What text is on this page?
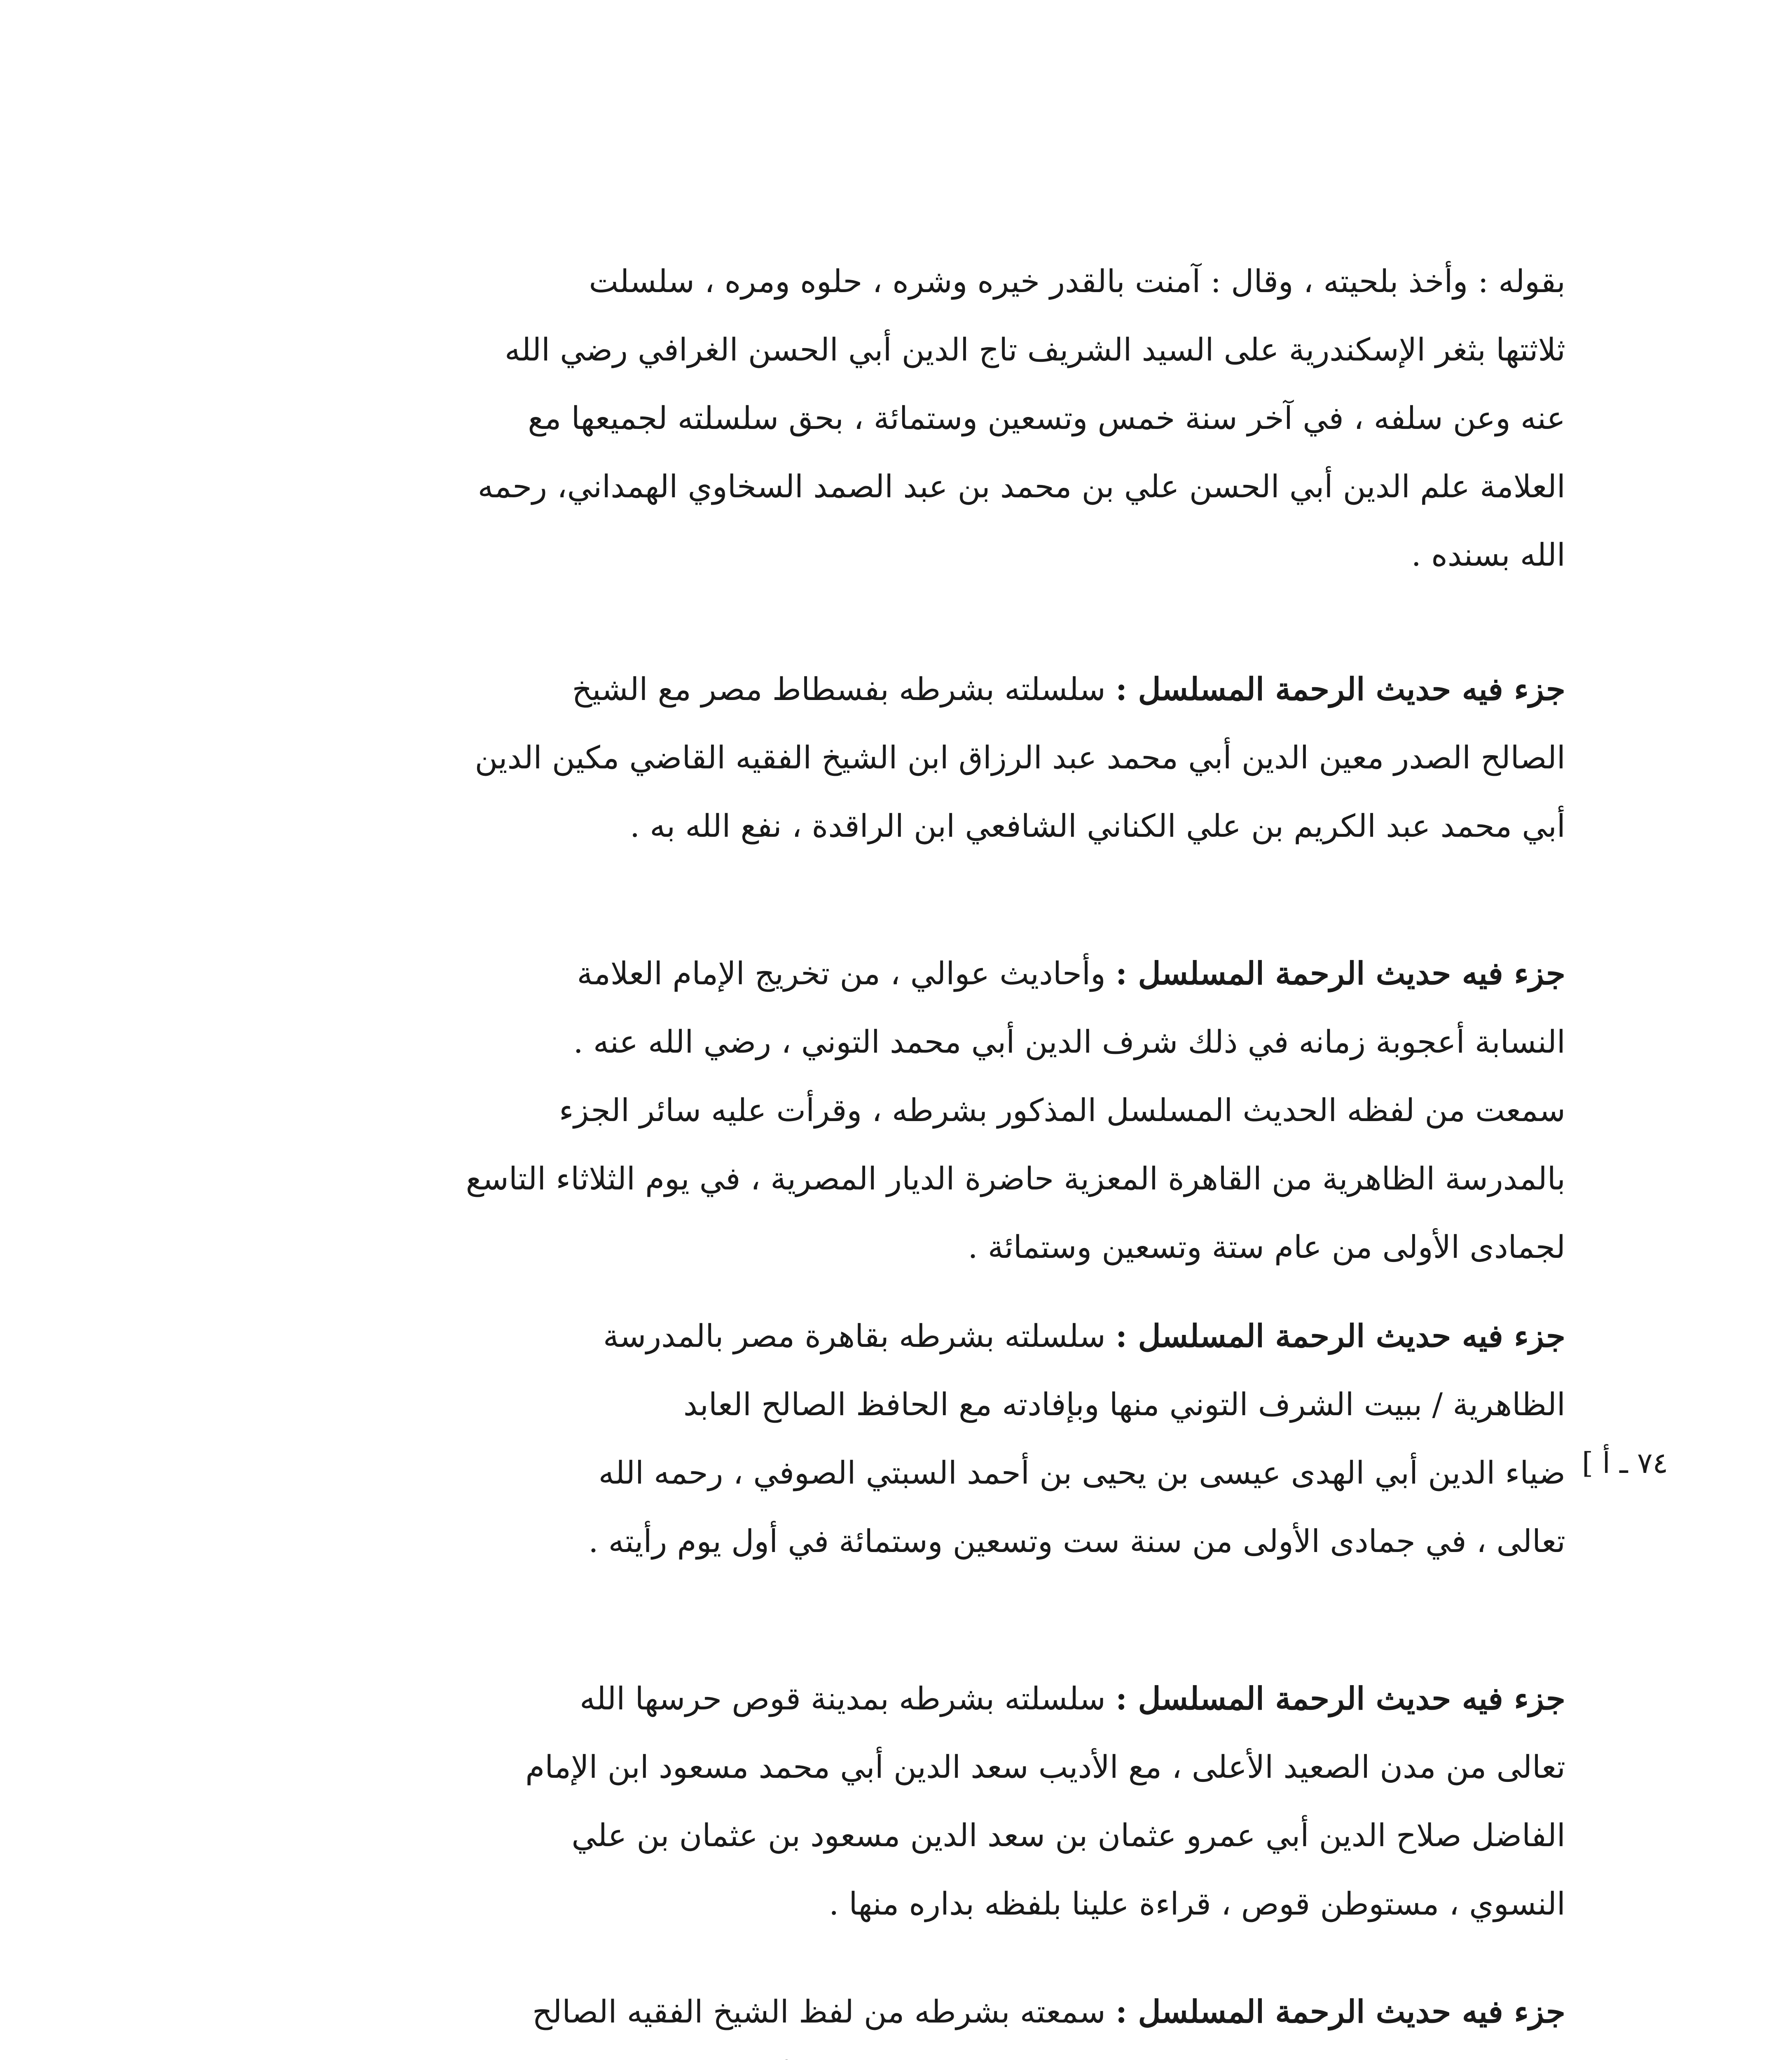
بقوله : وأخذ بلحيته ، وقال : آمنت بالقدر خيره وشره ، حلوه ومره ، سلسلت
ثلاثتها بثغر الإسكندرية على السيد الشريف تاج الدين أبي الحسن الغرافي رضي الله
عنه وعن سلفه ، في آخر سنة خمس وتسعين وستمائة ، بحق سلسلته لجميعها مع
العلامة علم الدين أبي الحسن علي بن محمد بن عبد الصمد السخاوي الهمداني، رحمه
الله بسنده .
جزء فيه حديث الرحمة المسلسل : سلسلته بشرطه بفسطاط مصر مع الشيخ
الصالح الصدر معين الدين أبي محمد عبد الرزاق ابن الشيخ الفقيه القاضي مكين الدين
أبي محمد عبد الكريم بن علي الكناني الشافعي ابن الراقدة ، نفع الله به .
جزء فيه حديث الرحمة المسلسل : وأحاديث عوالي ، من تخريج الإمام العلامة
النسابة أعجوبة زمانه في ذلك شرف الدين أبي محمد التوني ، رضي الله عنه .
سمعت من لفظه الحديث المسلسل المذكور بشرطه ، وقرأت عليه سائر الجزء
بالمدرسة الظاهرية من القاهرة المعزية حاضرة الديار المصرية ، في يوم الثلاثاء التاسع
لجمادى الأولى من عام ستة وتسعين وستمائة .
جزء فيه حديث الرحمة المسلسل : سلسلته بشرطه بقاهرة مصر بالمدرسة
الظاهرية / ببيت الشرف التوني منها وبإفادته مع الحافظ الصالح العابد
ضياء الدين أبي الهدى عيسى بن يحيى بن أحمد السبتي الصوفي ، رحمه الله
تعالى ، في جمادى الأولى من سنة ست وتسعين وستمائة في أول يوم رأيته .
جزء فيه حديث الرحمة المسلسل : سلسلته بشرطه بمدينة قوص حرسها الله
تعالى من مدن الصعيد الأعلى ، مع الأديب سعد الدين أبي محمد مسعود ابن الإمام
الفاضل صلاح الدين أبي عمرو عثمان بن سعد الدين مسعود بن عثمان بن علي
النسوي ، مستوطن قوص ، قراءة علينا بلفظه بداره منها .
جزء فيه حديث الرحمة المسلسل : سمعته بشرطه من لفظ الشيخ الفقيه الصالح
٧٤ ـ أ ]
